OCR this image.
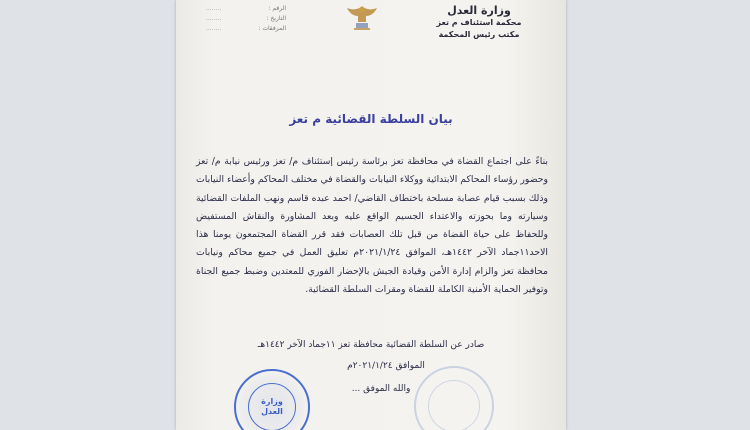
وزارة العدل
محكمة استئناف م تعز
مكتب رئيس المحكمة
الرقم :
........
التاريخ :
........
المرفقات :
........
بيان السلطة القضائية م تعز

بناءً على اجتماع القضاة في محافظة تعز برئاسة رئيس إستئناف م/ تعز ورئيس نيابة م/ تعز وحضور رؤساء المحاكم الابتدائية ووكلاء النيابات والقضاة في مختلف المحاكم وأعضاء النيابات وذلك بسبب قيام عصابة مسلحة باختطاف القاضي/ احمد عبده قاسم ونهب الملفات القضائية وسيارته وما بحوزته والاعتداء الجسيم الواقع عليه وبعد المشاورة والنقاش المستفيض وللحفاظ على حياة القضاة من قبل تلك العصابات فقد قرر القضاة المجتمعون يومنا هذا الاحد١١جماد الآخر ١٤٤٢هـ، الموافق ٢٠٢١/١/٢٤م تعليق العمل في جميع محاكم ونيابات محافظة تعز والزام إدارة الأمن وقيادة الجيش بالإحضار الفوري للمعتدين وضبط جميع الجناة وتوفير الحماية الأمنية الكاملة للقضاة ومقرات السلطة القضائية.

صادر عن السلطة القضائية محافظة تعز ١١جماد الآخر ١٤٤٢هـ
الموافق ٢٠٢١/١/٢٤م
والله الموفق ...
وزارة العدل
